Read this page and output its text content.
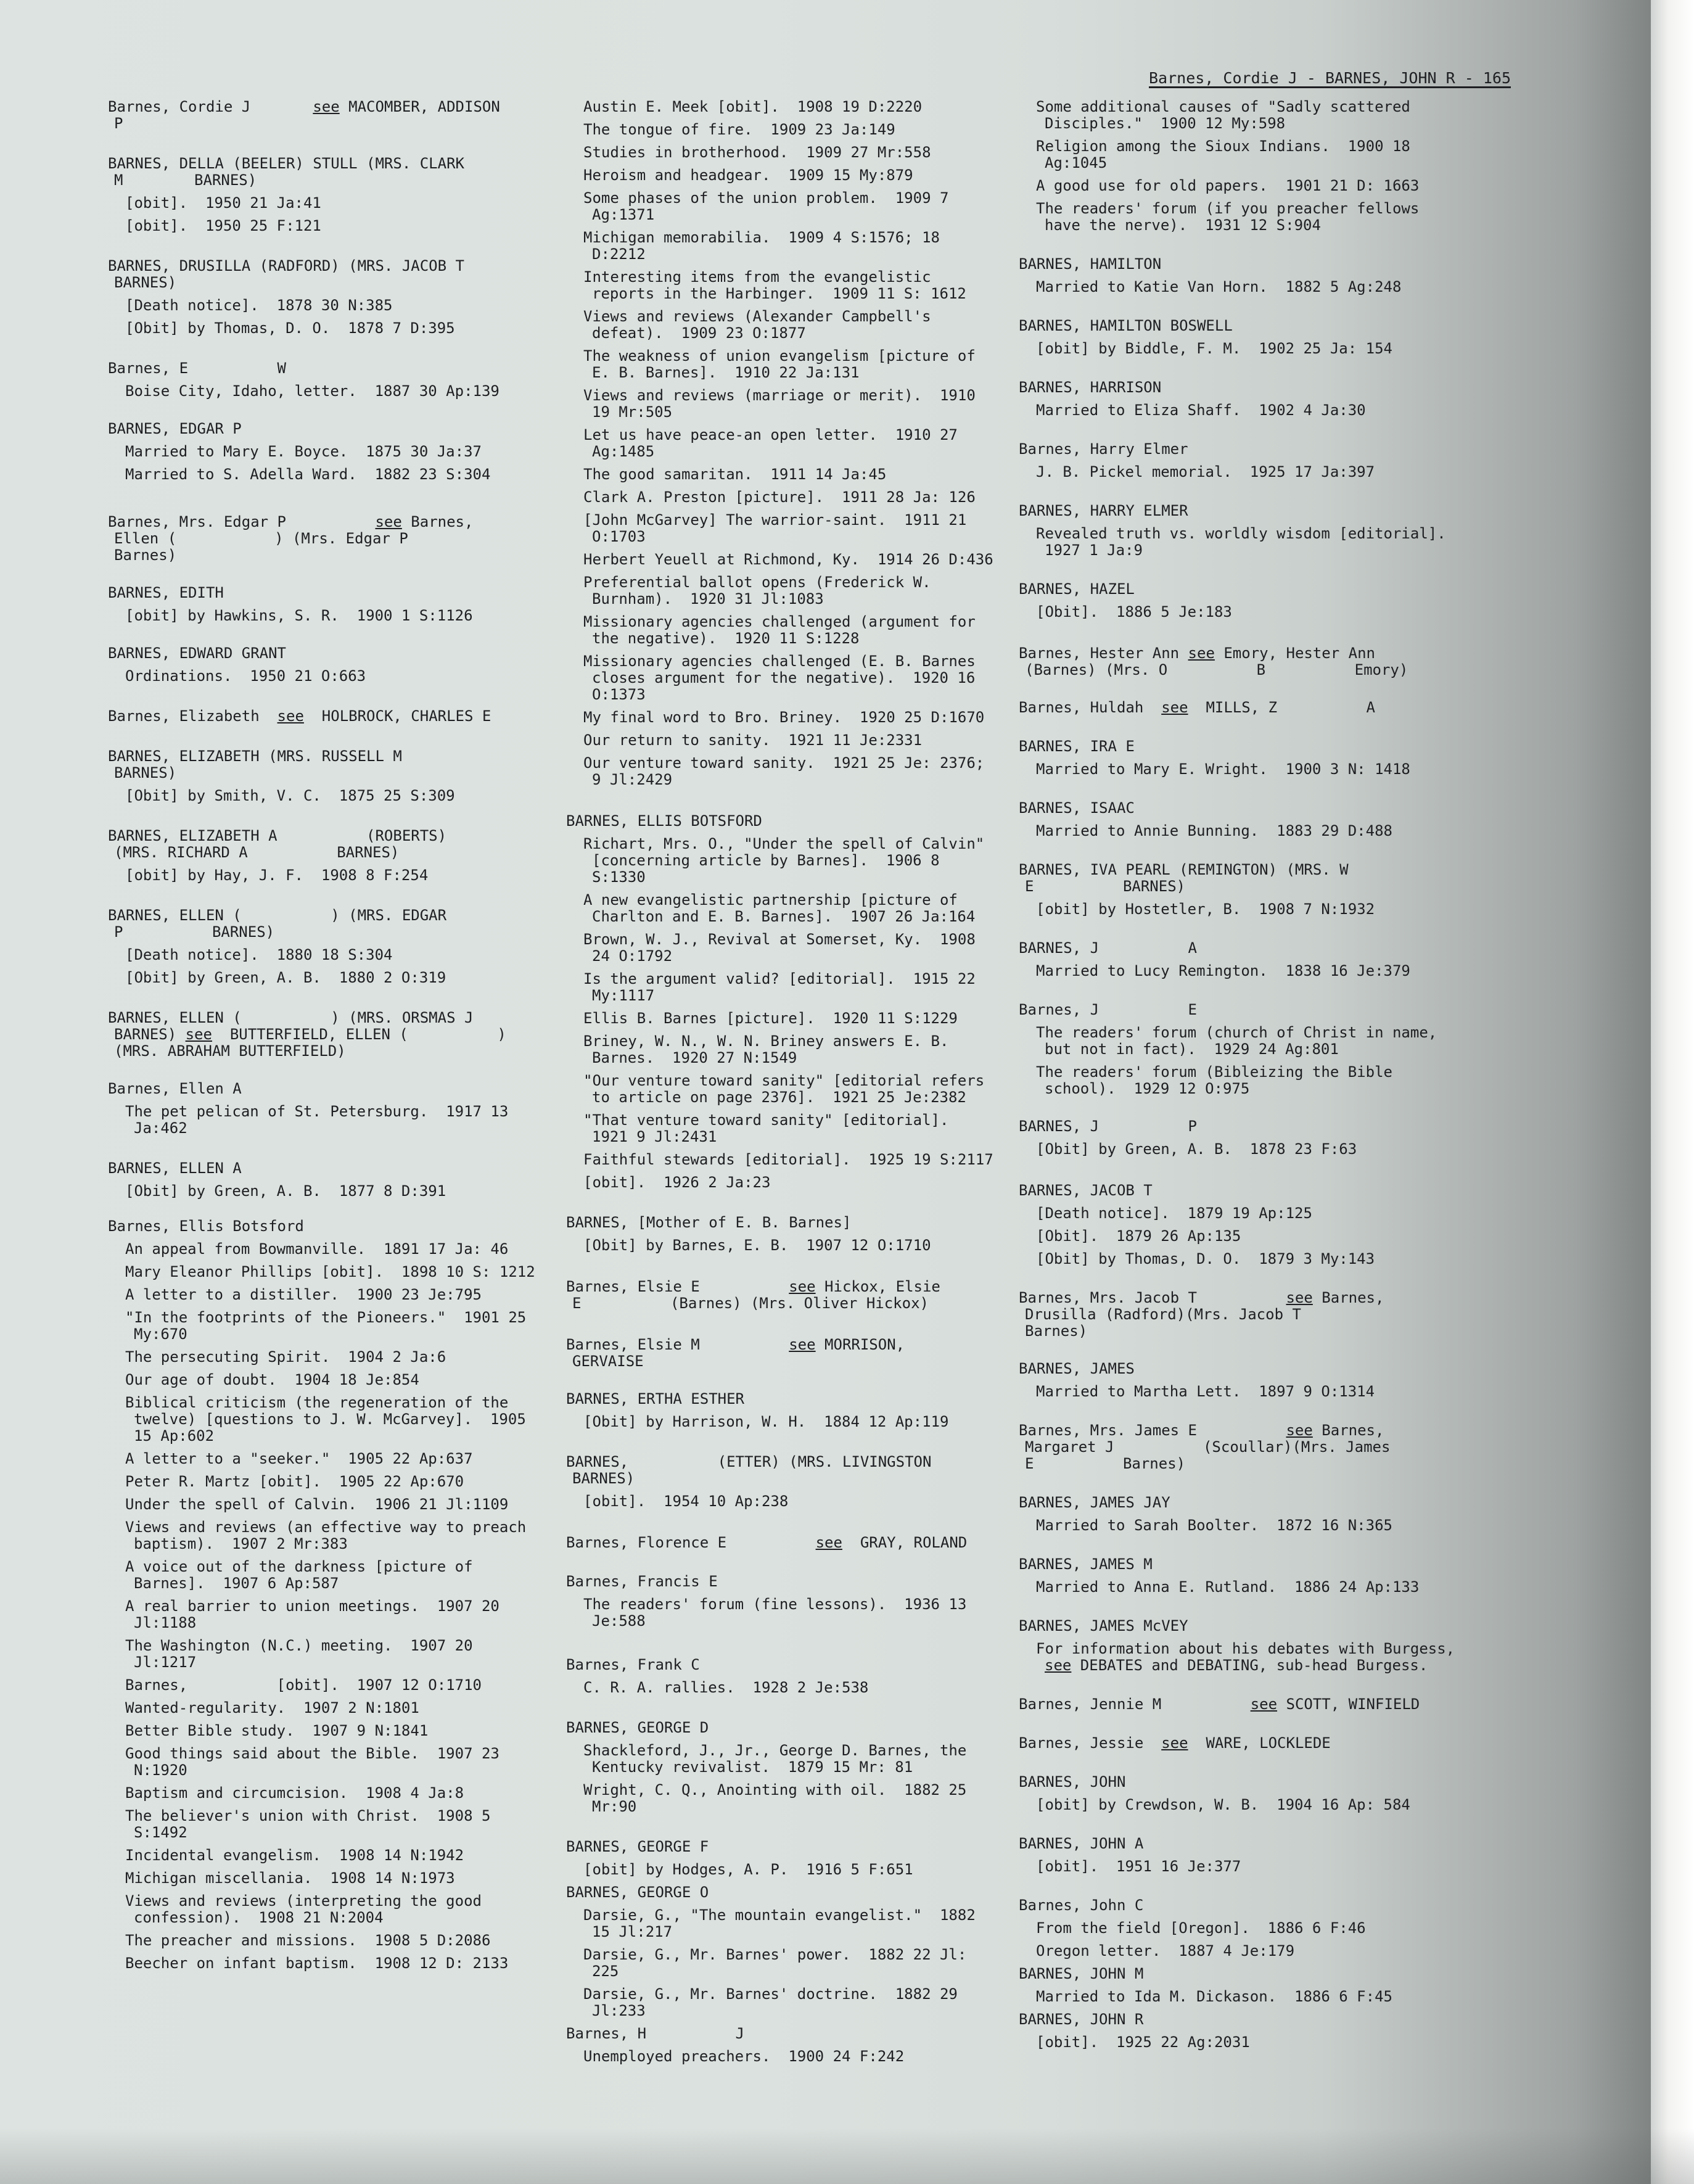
Barnes, Cordie J - BARNES, JOHN R - 165
Barnes, Cordie J       see MACOMBER, ADDISON
P
BARNES, DELLA (BEELER) STULL (MRS. CLARK
M        BARNES)
[obit].  1950 21 Ja:41
[obit].  1950 25 F:121
BARNES, DRUSILLA (RADFORD) (MRS. JACOB T
BARNES)
[Death notice].  1878 30 N:385
[Obit] by Thomas, D. O.  1878 7 D:395
Barnes, E          W
Boise City, Idaho, letter.  1887 30 Ap:139
BARNES, EDGAR P
Married to Mary E. Boyce.  1875 30 Ja:37
Married to S. Adella Ward.  1882 23 S:304
Barnes, Mrs. Edgar P          see Barnes,
Ellen (           ) (Mrs. Edgar P
Barnes)
BARNES, EDITH
[obit] by Hawkins, S. R.  1900 1 S:1126
BARNES, EDWARD GRANT
Ordinations.  1950 21 O:663
Barnes, Elizabeth  see  HOLBROCK, CHARLES E
BARNES, ELIZABETH (MRS. RUSSELL M
BARNES)
[Obit] by Smith, V. C.  1875 25 S:309
BARNES, ELIZABETH A          (ROBERTS)
(MRS. RICHARD A          BARNES)
[obit] by Hay, J. F.  1908 8 F:254
BARNES, ELLEN (          ) (MRS. EDGAR
P          BARNES)
[Death notice].  1880 18 S:304
[Obit] by Green, A. B.  1880 2 O:319
BARNES, ELLEN (          ) (MRS. ORSMAS J
BARNES) see  BUTTERFIELD, ELLEN (          )
(MRS. ABRAHAM BUTTERFIELD)
Barnes, Ellen A
The pet pelican of St. Petersburg.  1917 13 Ja:462
BARNES, ELLEN A
[Obit] by Green, A. B.  1877 8 D:391
Barnes, Ellis Botsford
An appeal from Bowmanville.  1891 17 Ja: 46
Mary Eleanor Phillips [obit].  1898 10 S: 1212
A letter to a distiller.  1900 23 Je:795
"In the footprints of the Pioneers."  1901 25 My:670
The persecuting Spirit.  1904 2 Ja:6
Our age of doubt.  1904 18 Je:854
Biblical criticism (the regeneration of the twelve) [questions to J. W. McGarvey].  1905 15 Ap:602
A letter to a "seeker."  1905 22 Ap:637
Peter R. Martz [obit].  1905 22 Ap:670
Under the spell of Calvin.  1906 21 Jl:1109
Views and reviews (an effective way to preach baptism).  1907 2 Mr:383
A voice out of the darkness [picture of Barnes].  1907 6 Ap:587
A real barrier to union meetings.  1907 20 Jl:1188
The Washington (N.C.) meeting.  1907 20 Jl:1217
Barnes,          [obit].  1907 12 O:1710
Wanted-regularity.  1907 2 N:1801
Better Bible study.  1907 9 N:1841
Good things said about the Bible.  1907 23 N:1920
Baptism and circumcision.  1908 4 Ja:8
The believer's union with Christ.  1908 5 S:1492
Incidental evangelism.  1908 14 N:1942
Michigan miscellania.  1908 14 N:1973
Views and reviews (interpreting the good confession).  1908 21 N:2004
The preacher and missions.  1908 5 D:2086
Beecher on infant baptism.  1908 12 D: 2133
Austin E. Meek [obit].  1908 19 D:2220
The tongue of fire.  1909 23 Ja:149
Studies in brotherhood.  1909 27 Mr:558
Heroism and headgear.  1909 15 My:879
Some phases of the union problem.  1909 7 Ag:1371
Michigan memorabilia.  1909 4 S:1576; 18 D:2212
Interesting items from the evangelistic reports in the Harbinger.  1909 11 S: 1612
Views and reviews (Alexander Campbell's defeat).  1909 23 O:1877
The weakness of union evangelism [picture of E. B. Barnes].  1910 22 Ja:131
Views and reviews (marriage or merit).  1910 19 Mr:505
Let us have peace-an open letter.  1910 27 Ag:1485
The good samaritan.  1911 14 Ja:45
Clark A. Preston [picture].  1911 28 Ja: 126
[John McGarvey] The warrior-saint.  1911 21 O:1703
Herbert Yeuell at Richmond, Ky.  1914 26 D:436
Preferential ballot opens (Frederick W. Burnham).  1920 31 Jl:1083
Missionary agencies challenged (argument for the negative).  1920 11 S:1228
Missionary agencies challenged (E. B. Barnes closes argument for the negative).  1920 16 O:1373
My final word to Bro. Briney.  1920 25 D:1670
Our return to sanity.  1921 11 Je:2331
Our venture toward sanity.  1921 25 Je: 2376; 9 Jl:2429
BARNES, ELLIS BOTSFORD
Richart, Mrs. O., "Under the spell of Calvin" [concerning article by Barnes].  1906 8 S:1330
A new evangelistic partnership [picture of Charlton and E. B. Barnes].  1907 26 Ja:164
Brown, W. J., Revival at Somerset, Ky.  1908 24 O:1792
Is the argument valid? [editorial].  1915 22 My:1117
Ellis B. Barnes [picture].  1920 11 S:1229
Briney, W. N., W. N. Briney answers E. B. Barnes.  1920 27 N:1549
"Our venture toward sanity" [editorial refers to article on page 2376].  1921 25 Je:2382
"That venture toward sanity" [editorial].  1921 9 Jl:2431
Faithful stewards [editorial].  1925 19 S:2117
[obit].  1926 2 Ja:23
BARNES, [Mother of E. B. Barnes]
[Obit] by Barnes, E. B.  1907 12 O:1710
Barnes, Elsie E          see Hickox, Elsie
E          (Barnes) (Mrs. Oliver Hickox)
Barnes, Elsie M          see MORRISON,
GERVAISE
BARNES, ERTHA ESTHER
[Obit] by Harrison, W. H.  1884 12 Ap:119
BARNES,          (ETTER) (MRS. LIVINGSTON
BARNES)
[obit].  1954 10 Ap:238
Barnes, Florence E          see  GRAY, ROLAND
Barnes, Francis E
The readers' forum (fine lessons).  1936 13 Je:588
Barnes, Frank C
C. R. A. rallies.  1928 2 Je:538
BARNES, GEORGE D
Shackleford, J., Jr., George D. Barnes, the Kentucky revivalist.  1879 15 Mr: 81
Wright, C. Q., Anointing with oil.  1882 25 Mr:90
BARNES, GEORGE F
[obit] by Hodges, A. P.  1916 5 F:651
BARNES, GEORGE O
Darsie, G., "The mountain evangelist."  1882 15 Jl:217
Darsie, G., Mr. Barnes' power.  1882 22 Jl: 225
Darsie, G., Mr. Barnes' doctrine.  1882 29 Jl:233
Barnes, H          J
Unemployed preachers.  1900 24 F:242
Some additional causes of "Sadly scattered Disciples."  1900 12 My:598
Religion among the Sioux Indians.  1900 18 Ag:1045
A good use for old papers.  1901 21 D: 1663
The readers' forum (if you preacher fellows have the nerve).  1931 12 S:904
BARNES, HAMILTON
Married to Katie Van Horn.  1882 5 Ag:248
BARNES, HAMILTON BOSWELL
[obit] by Biddle, F. M.  1902 25 Ja: 154
BARNES, HARRISON
Married to Eliza Shaff.  1902 4 Ja:30
Barnes, Harry Elmer
J. B. Pickel memorial.  1925 17 Ja:397
BARNES, HARRY ELMER
Revealed truth vs. worldly wisdom [editorial].  1927 1 Ja:9
BARNES, HAZEL
[Obit].  1886 5 Je:183
Barnes, Hester Ann see Emory, Hester Ann
(Barnes) (Mrs. O          B          Emory)
Barnes, Huldah  see  MILLS, Z          A
BARNES, IRA E
Married to Mary E. Wright.  1900 3 N: 1418
BARNES, ISAAC
Married to Annie Bunning.  1883 29 D:488
BARNES, IVA PEARL (REMINGTON) (MRS. W
E          BARNES)
[obit] by Hostetler, B.  1908 7 N:1932
BARNES, J          A
Married to Lucy Remington.  1838 16 Je:379
Barnes, J          E
The readers' forum (church of Christ in name, but not in fact).  1929 24 Ag:801
The readers' forum (Bibleizing the Bible school).  1929 12 O:975
BARNES, J          P
[Obit] by Green, A. B.  1878 23 F:63
BARNES, JACOB T
[Death notice].  1879 19 Ap:125
[Obit].  1879 26 Ap:135
[Obit] by Thomas, D. O.  1879 3 My:143
Barnes, Mrs. Jacob T          see Barnes,
Drusilla (Radford)(Mrs. Jacob T
Barnes)
BARNES, JAMES
Married to Martha Lett.  1897 9 O:1314
Barnes, Mrs. James E          see Barnes,
Margaret J          (Scoullar)(Mrs. James
E          Barnes)
BARNES, JAMES JAY
Married to Sarah Boolter.  1872 16 N:365
BARNES, JAMES M
Married to Anna E. Rutland.  1886 24 Ap:133
BARNES, JAMES McVEY
For information about his debates with Burgess, see DEBATES and DEBATING, sub-head Burgess.
Barnes, Jennie M          see SCOTT, WINFIELD
Barnes, Jessie  see  WARE, LOCKLEDE
BARNES, JOHN
[obit] by Crewdson, W. B.  1904 16 Ap: 584
BARNES, JOHN A
[obit].  1951 16 Je:377
Barnes, John C
From the field [Oregon].  1886 6 F:46
Oregon letter.  1887 4 Je:179
BARNES, JOHN M
Married to Ida M. Dickason.  1886 6 F:45
BARNES, JOHN R
[obit].  1925 22 Ag:2031
